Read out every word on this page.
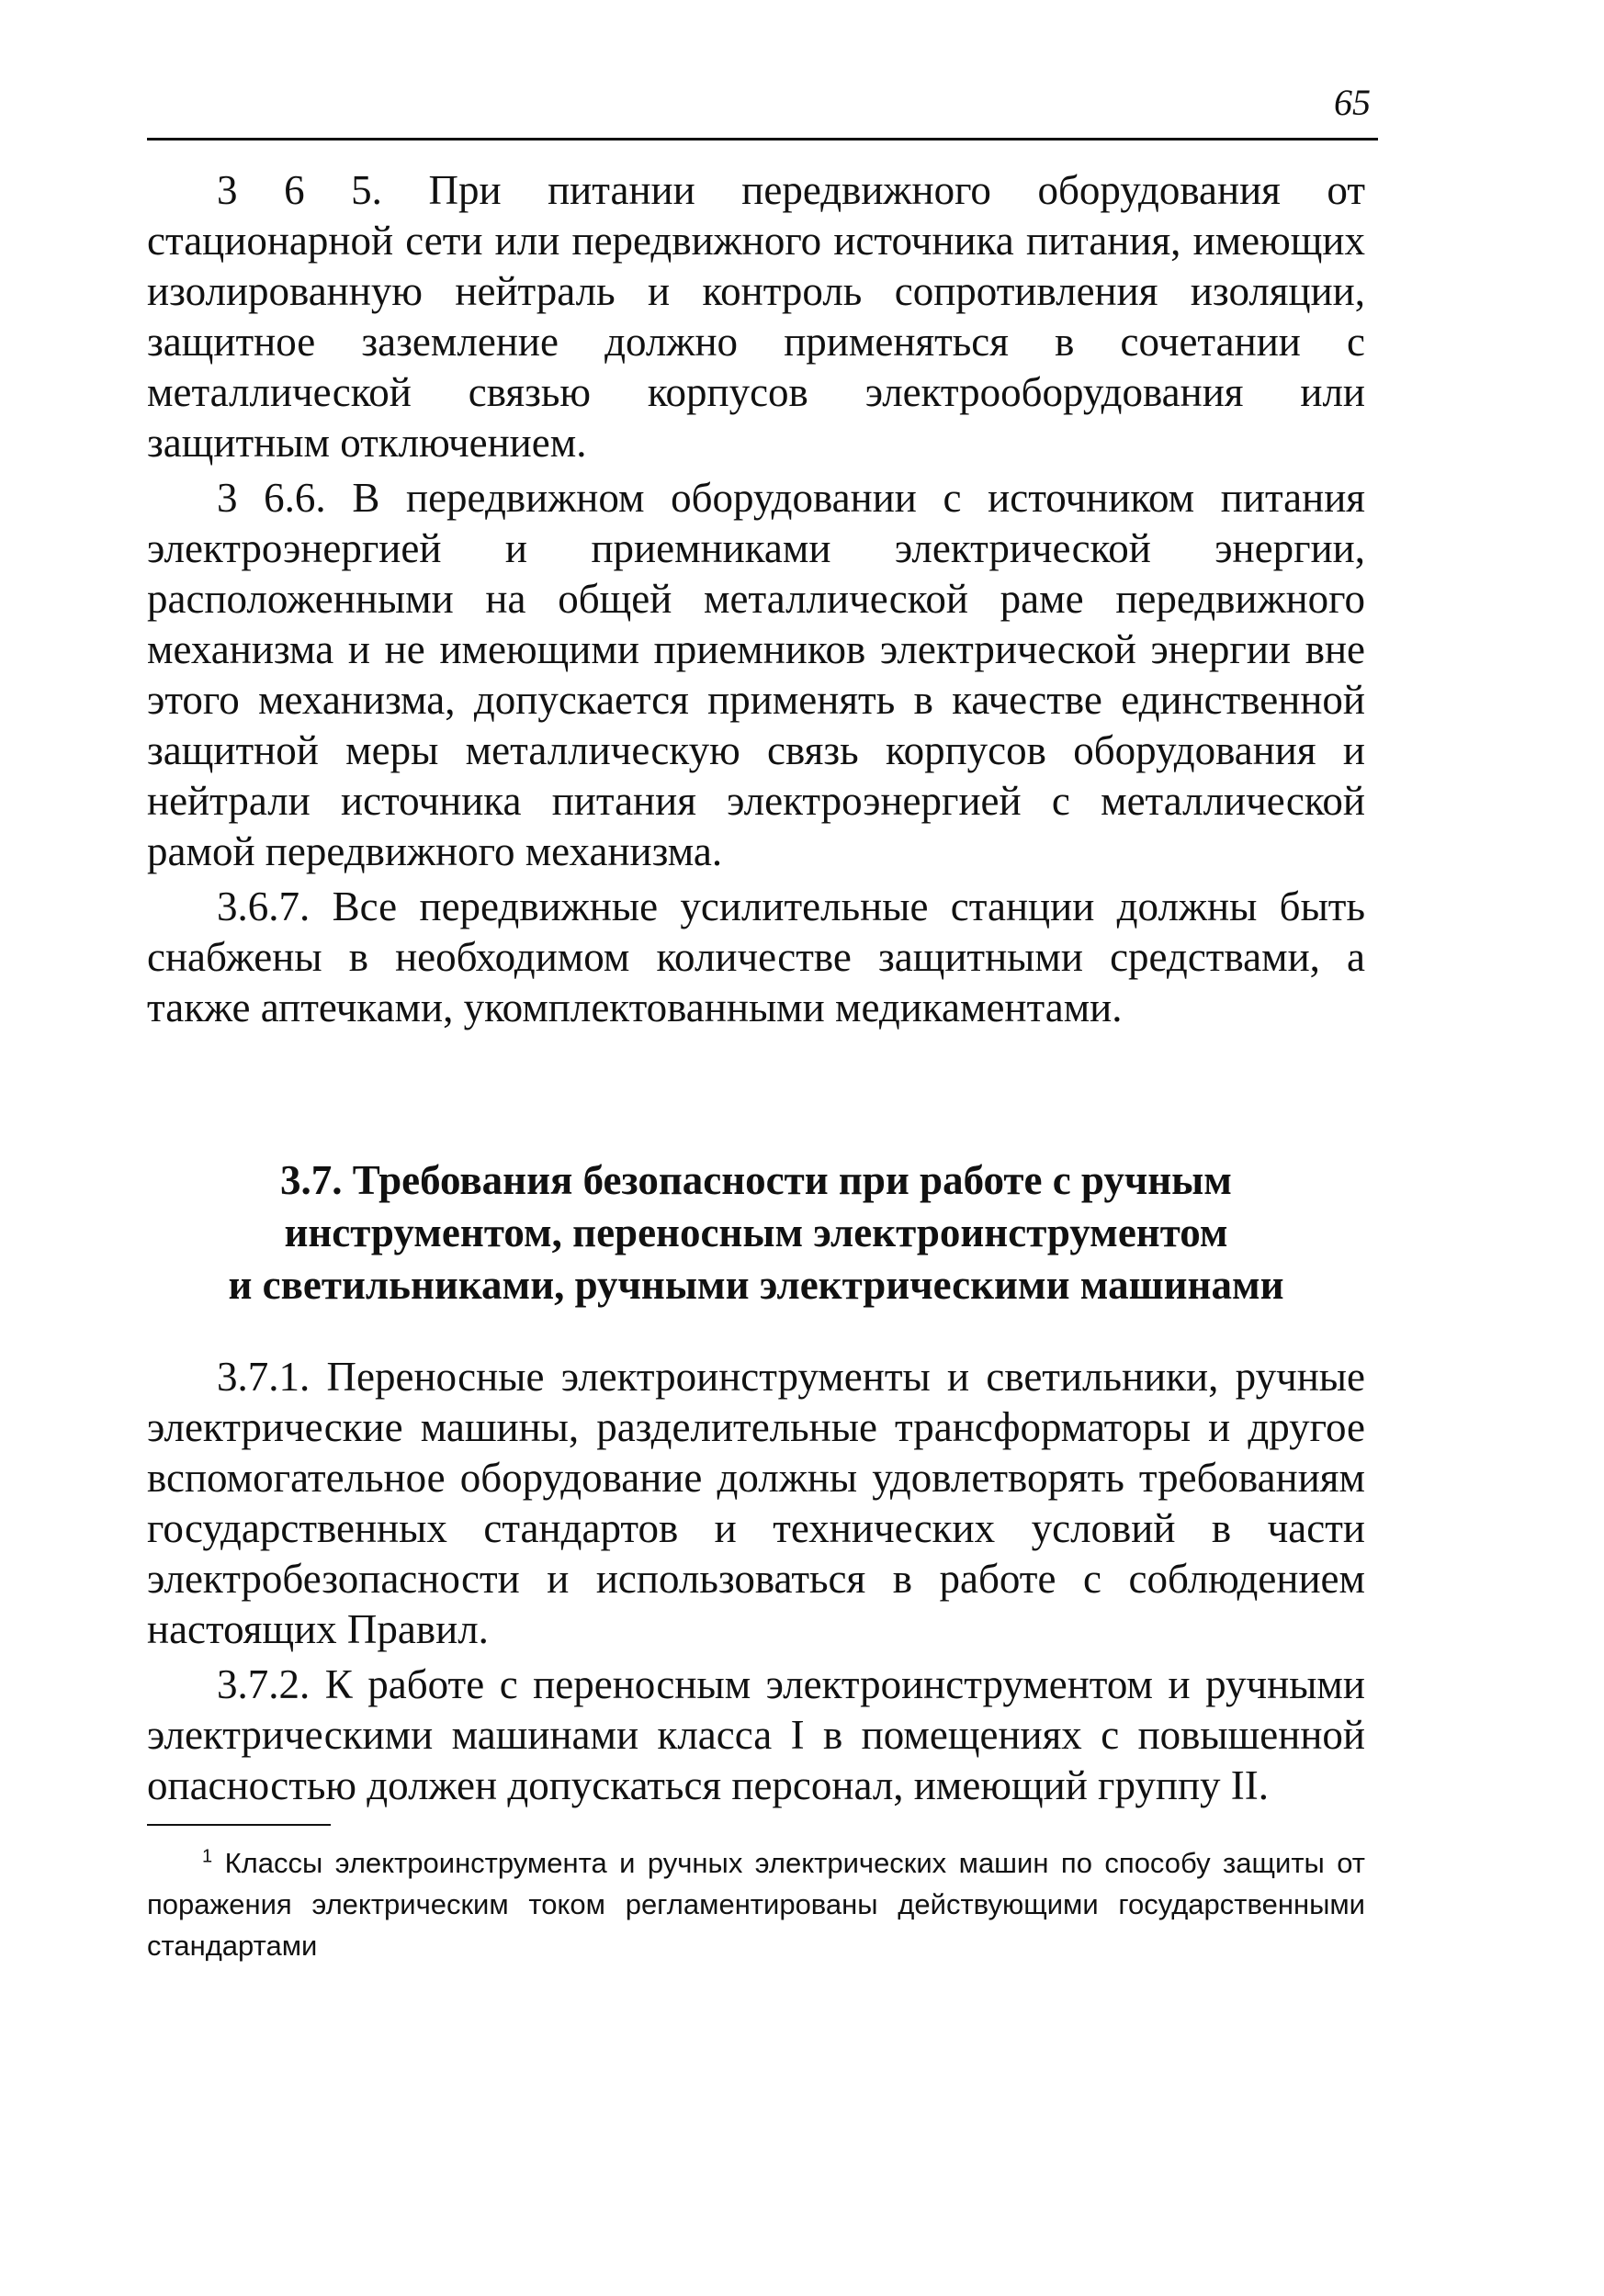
65

3 6 5. При питании передвижного оборудования от стационарной сети или передвижного источника питания, имеющих изолированную нейтраль и контроль сопротивления изоляции, защитное заземление должно применяться в сочетании с металлической связью корпусов электрооборудования или защитным отключением.

3 6.6. В передвижном оборудовании с источником питания электроэнергией и приемниками электрической энергии, расположенными на общей металлической раме передвижного механизма и не имеющими приемников электрической энергии вне этого механизма, допускается применять в качестве единственной защитной меры металлическую связь корпусов оборудования и нейтрали источника питания электроэнергией с металлической рамой передвижного механизма.

3.6.7. Все передвижные усилительные станции должны быть снабжены в необходимом количестве защитными средствами, а также аптечками, укомплектованными медикаментами.

3.7. Требования безопасности при работе с ручным
инструментом, переносным электроинструментом
и светильниками, ручными электрическими машинами

3.7.1. Переносные электроинструменты и светильники, ручные электрические машины, разделительные трансформаторы и другое вспомогательное оборудование должны удовлетворять требованиям государственных стандартов и технических условий в части электробезопасности и использоваться в работе с соблюдением настоящих Правил.

3.7.2. К работе с переносным электроинструментом и ручными электрическими машинами класса I в помещениях с повышенной опасностью должен допускаться персонал, имеющий группу II.

$^1$ Классы электроинструмента и ручных электрических машин по способу защиты от поражения электрическим током регламентированы действующими государственными стандартами
